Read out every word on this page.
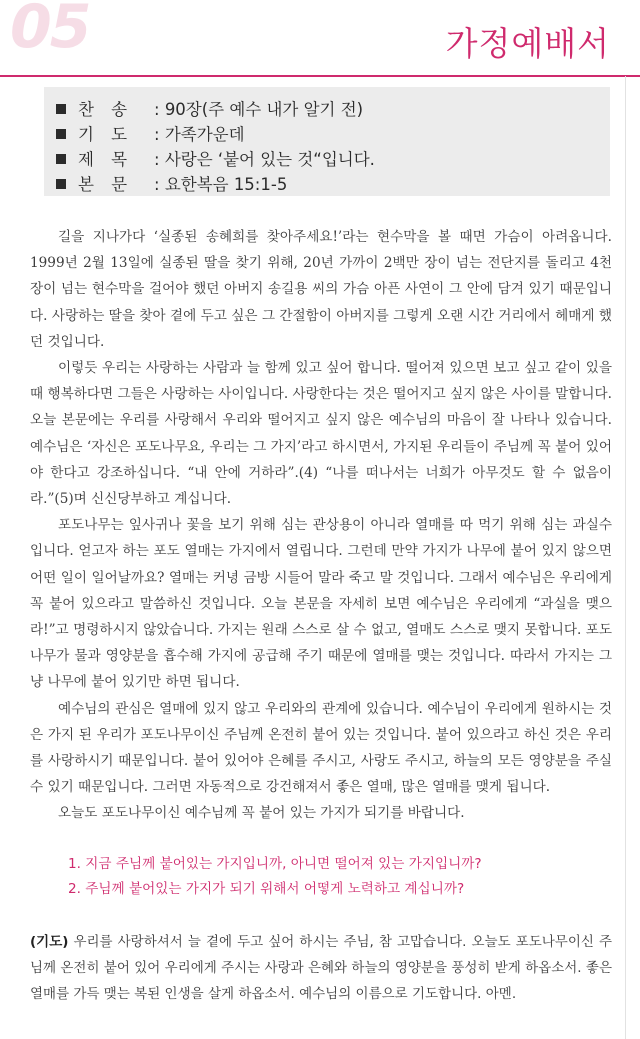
05	가정예배서
찬 송 : 90장(주 예수 내가 알기 전)
기 도 : 가족가운데
제 목 : 사랑은 ‘붙어 있는 것“입니다.
본 문 : 요한복음 15:1-5

길을 지나가다 ‘실종된 송혜희를 찾아주세요!’라는 현수막을 볼 때면 가슴이 아려옵니다. 1999년 2월 13일에 실종된 딸을 찾기 위해, 20년 가까이 2백만 장이 넘는 전단지를 돌리고 4천 장이 넘는 현수막을 걸어야 했던 아버지 송길용 씨의 가슴 아픈 사연이 그 안에 담겨 있기 때문입니다. 사랑하는 딸을 찾아 곁에 두고 싶은 그 간절함이 아버지를 그렇게 오랜 시간 거리에서 헤매게 했던 것입니다.

이렇듯 우리는 사랑하는 사람과 늘 함께 있고 싶어 합니다. 떨어져 있으면 보고 싶고 같이 있을 때 행복하다면 그들은 사랑하는 사이입니다. 사랑한다는 것은 떨어지고 싶지 않은 사이를 말합니다. 오늘 본문에는 우리를 사랑해서 우리와 떨어지고 싶지 않은 예수님의 마음이 잘 나타나 있습니다. 예수님은 ‘자신은 포도나무요, 우리는 그 가지’라고 하시면서, 가지된 우리들이 주님께 꼭 붙어 있어야 한다고 강조하십니다. “내 안에 거하라”.(4) “나를 떠나서는 너희가 아무것도 할 수 없음이라.”(5)며 신신당부하고 계십니다.

포도나무는 잎사귀나 꽃을 보기 위해 심는 관상용이 아니라 열매를 따 먹기 위해 심는 과실수입니다. 얻고자 하는 포도 열매는 가지에서 열립니다. 그런데 만약 가지가 나무에 붙어 있지 않으면 어떤 일이 일어날까요? 열매는 커녕 금방 시들어 말라 죽고 말 것입니다. 그래서 예수님은 우리에게 꼭 붙어 있으라고 말씀하신 것입니다. 오늘 본문을 자세히 보면 예수님은 우리에게 “과실을 맺으라!”고 명령하시지 않았습니다. 가지는 원래 스스로 살 수 없고, 열매도 스스로 맺지 못합니다. 포도나무가 물과 영양분을 흡수해 가지에 공급해 주기 때문에 열매를 맺는 것입니다. 따라서 가지는 그냥 나무에 붙어 있기만 하면 됩니다.

예수님의 관심은 열매에 있지 않고 우리와의 관계에 있습니다. 예수님이 우리에게 원하시는 것은 가지 된 우리가 포도나무이신 주님께 온전히 붙어 있는 것입니다. 붙어 있으라고 하신 것은 우리를 사랑하시기 때문입니다. 붙어 있어야 은혜를 주시고, 사랑도 주시고, 하늘의 모든 영양분을 주실 수 있기 때문입니다. 그러면 자동적으로 강건해져서 좋은 열매, 많은 열매를 맺게 됩니다.

오늘도 포도나무이신 예수님께 꼭 붙어 있는 가지가 되기를 바랍니다.

1. 지금 주님께 붙어있는 가지입니까, 아니면 떨어져 있는 가지입니까?
2. 주님께 붙어있는 가지가 되기 위해서 어떻게 노력하고 계십니까?
(기도) 우리를 사랑하셔서 늘 곁에 두고 싶어 하시는 주님, 참 고맙습니다. 오늘도 포도나무이신 주님께 온전히 붙어 있어 우리에게 주시는 사랑과 은혜와 하늘의 영양분을 풍성히 받게 하옵소서. 좋은 열매를 가득 맺는 복된 인생을 살게 하옵소서. 예수님의 이름으로 기도합니다. 아멘.
